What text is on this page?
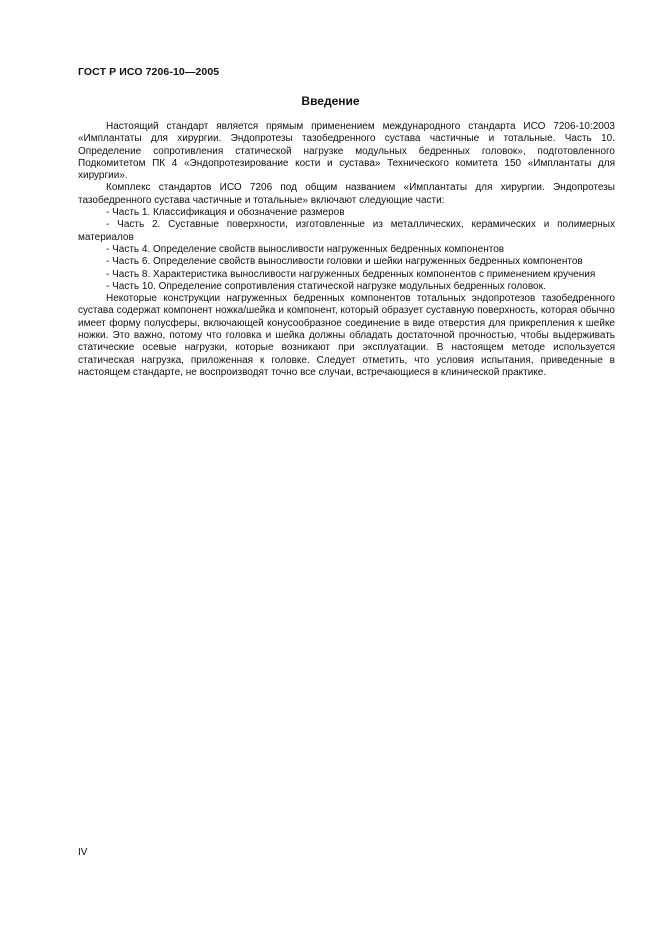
ГОСТ Р ИСО 7206-10—2005
Введение

Настоящий стандарт является прямым применением международного стандарта ИСО 7206-10:2003 «Имплантаты для хирургии. Эндопротезы тазобедренного сустава частичные и тотальные. Часть 10. Определение сопротивления статической нагрузке модульных бедренных головок», подготовленного Подкомитетом ПК 4 «Эндопротезирование кости и сустава» Технического комитета 150 «Имплантаты для хирургии».

Комплекс стандартов ИСО 7206 под общим названием «Имплантаты для хирургии. Эндопротезы тазобедренного сустава частичные и тотальные» включают следующие части:

- Часть 1. Классификация и обозначение размеров

- Часть 2. Суставные поверхности, изготовленные из металлических, керамических и полимерных материалов

- Часть 4. Определение свойств выносливости нагруженных бедренных компонентов

- Часть 6. Определение свойств выносливости головки и шейки нагруженных бедренных компонентов

- Часть 8. Характеристика выносливости нагруженных бедренных компонентов с применением кручения

- Часть 10. Определение сопротивления статической нагрузке модульных бедренных головок.

Некоторые конструкции нагруженных бедренных компонентов тотальных эндопротезов тазобедренного сустава содержат компонент ножка/шейка и компонент, который образует суставную поверхность, которая обычно имеет форму полусферы, включающей конусообразное соединение в виде отверстия для прикрепления к шейке ножки. Это важно, потому что головка и шейка должны обладать достаточной прочностью, чтобы выдерживать статические осевые нагрузки, которые возникают при эксплуатации. В настоящем методе используется статическая нагрузка, приложенная к головке. Следует отметить, что условия испытания, приведенные в настоящем стандарте, не воспроизводят точно все случаи, встречающиеся в клинической практике.

IV
